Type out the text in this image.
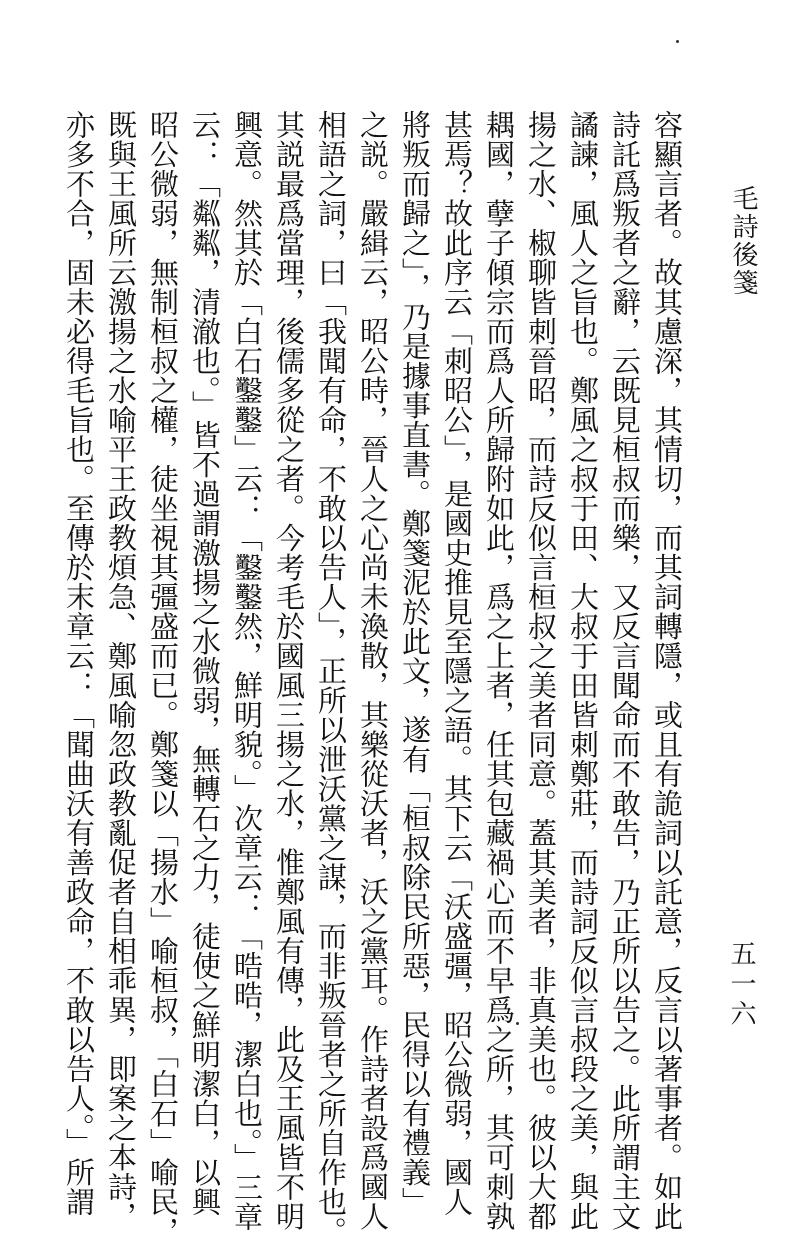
毛詩後箋
容顯言者。故其慮深，其情切，而其詞轉隱，或且有詭詞以託意，反言以著事者。如此
詩託爲叛者之辭，云既見桓叔而樂，又反言聞命而不敢告，乃正所以告之。此所謂主文
譎諫，風人之旨也。鄭風之叔于田、大叔于田皆刺鄭莊，而詩詞反似言叔段之美，與此
揚之水、椒聊皆刺晉昭，而詩反似言桓叔之美者同意。蓋其美者，非真美也。彼以大都
耦國，孽子傾宗而爲人所歸附如此，爲之上者，任其包藏禍心而不早爲之所，其可刺孰
甚焉？故此序云「刺昭公」，是國史推見至隱之語。其下云「沃盛彊，昭公微弱，國人
將叛而歸之」，乃是據事直書。鄭箋泥於此文，遂有「桓叔除民所惡，民得以有禮義」
之説。嚴緝云，昭公時，晉人之心尚未渙散，其樂從沃者，沃之黨耳。作詩者設爲國人
相語之詞，曰「我聞有命，不敢以告人」，正所以泄沃黨之謀，而非叛晉者之所自作也。
其説最爲當理，後儒多從之者。今考毛於國風三揚之水，惟鄭風有傳，此及王風皆不明
興意。然其於「白石鑿鑿」云：「鑿鑿然，鮮明貌。」次章云：「晧晧，潔白也。」三章
云：「粼粼，清澈也。」皆不過謂激揚之水微弱，無轉石之力，徒使之鮮明潔白，以興
昭公微弱，無制桓叔之權，徒坐視其彊盛而已。鄭箋以「揚水」喻桓叔，「白石」喻民，
既與王風所云激揚之水喻平王政教煩急、鄭風喻忽政教亂促者自相乖異，即案之本詩，
亦多不合，固未必得毛旨也。至傳於末章云：「聞曲沃有善政命，不敢以告人。」所謂	五一六
